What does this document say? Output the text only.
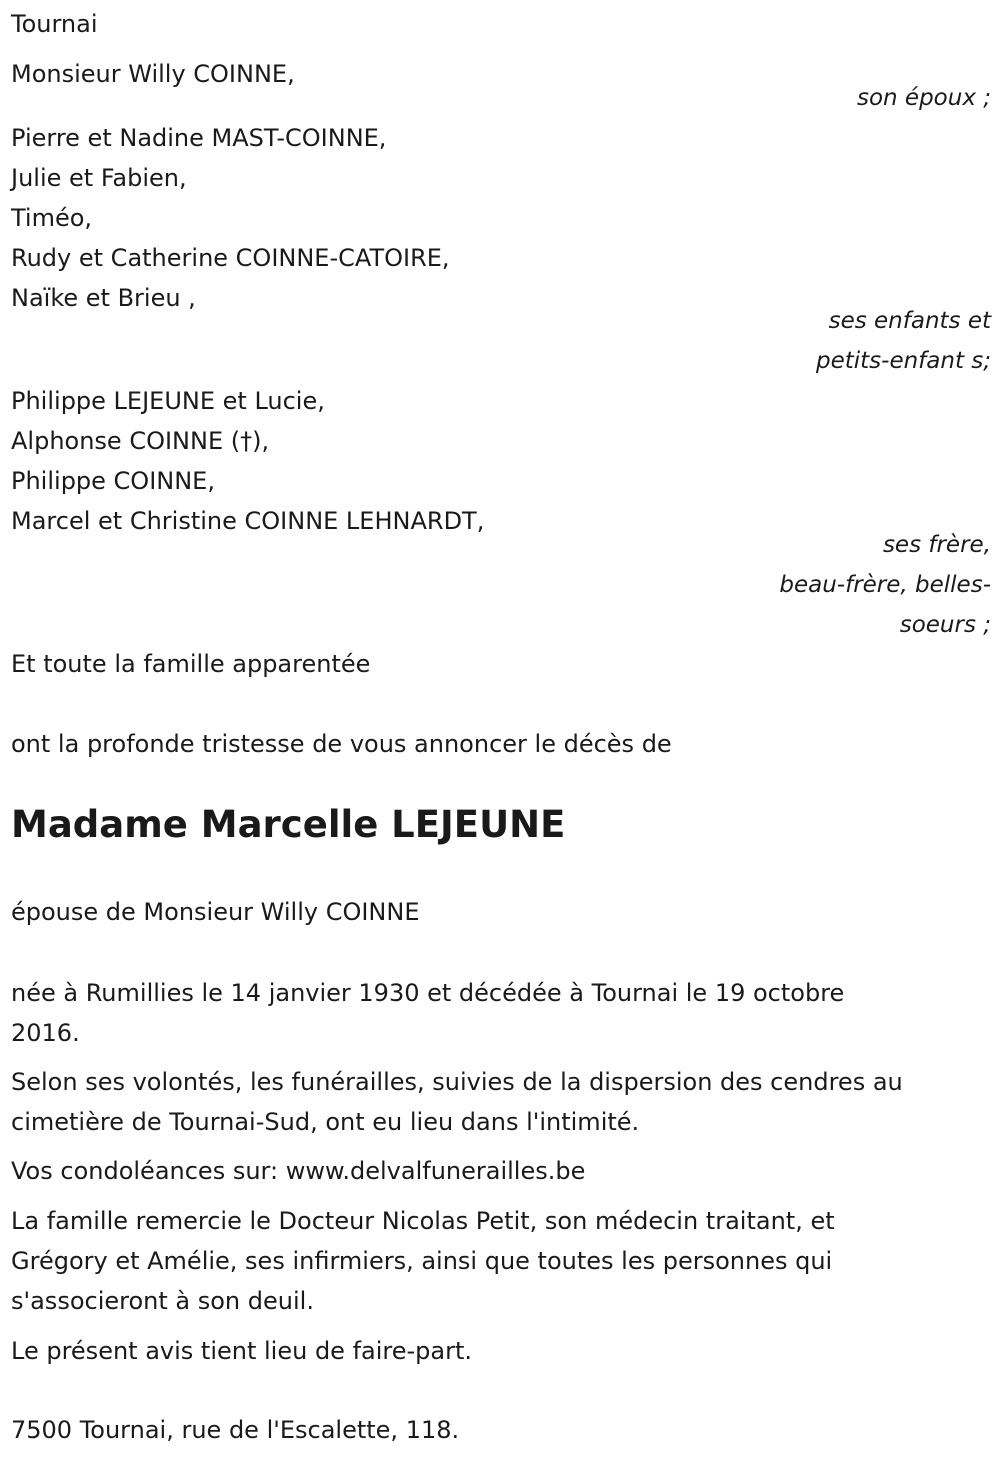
Tournai
Monsieur Willy COINNE,
son époux ;
Pierre et Nadine MAST-COINNE,
Julie et Fabien,
Timéo,
Rudy et Catherine COINNE-CATOIRE,
Naïke et Brieu ,
ses enfants et
petits-enfant s;
Philippe LEJEUNE et Lucie,
Alphonse COINNE (†),
Philippe COINNE,
Marcel et Christine COINNE LEHNARDT,
ses frère,
beau-frère, belles-
soeurs ;
Et toute la famille apparentée
ont la profonde tristesse de vous annoncer le décès de
Madame Marcelle LEJEUNE
épouse de Monsieur Willy COINNE
née à Rumillies le 14 janvier 1930 et décédée à Tournai le 19 octobre
2016.
Selon ses volontés, les funérailles, suivies de la dispersion des cendres au
cimetière de Tournai-Sud, ont eu lieu dans l'intimité.
Vos condoléances sur: www.delvalfunerailles.be
La famille remercie le Docteur Nicolas Petit, son médecin traitant, et
Grégory et Amélie, ses infirmiers, ainsi que toutes les personnes qui
s'associeront à son deuil.
Le présent avis tient lieu de faire-part.
7500 Tournai, rue de l'Escalette, 118.
